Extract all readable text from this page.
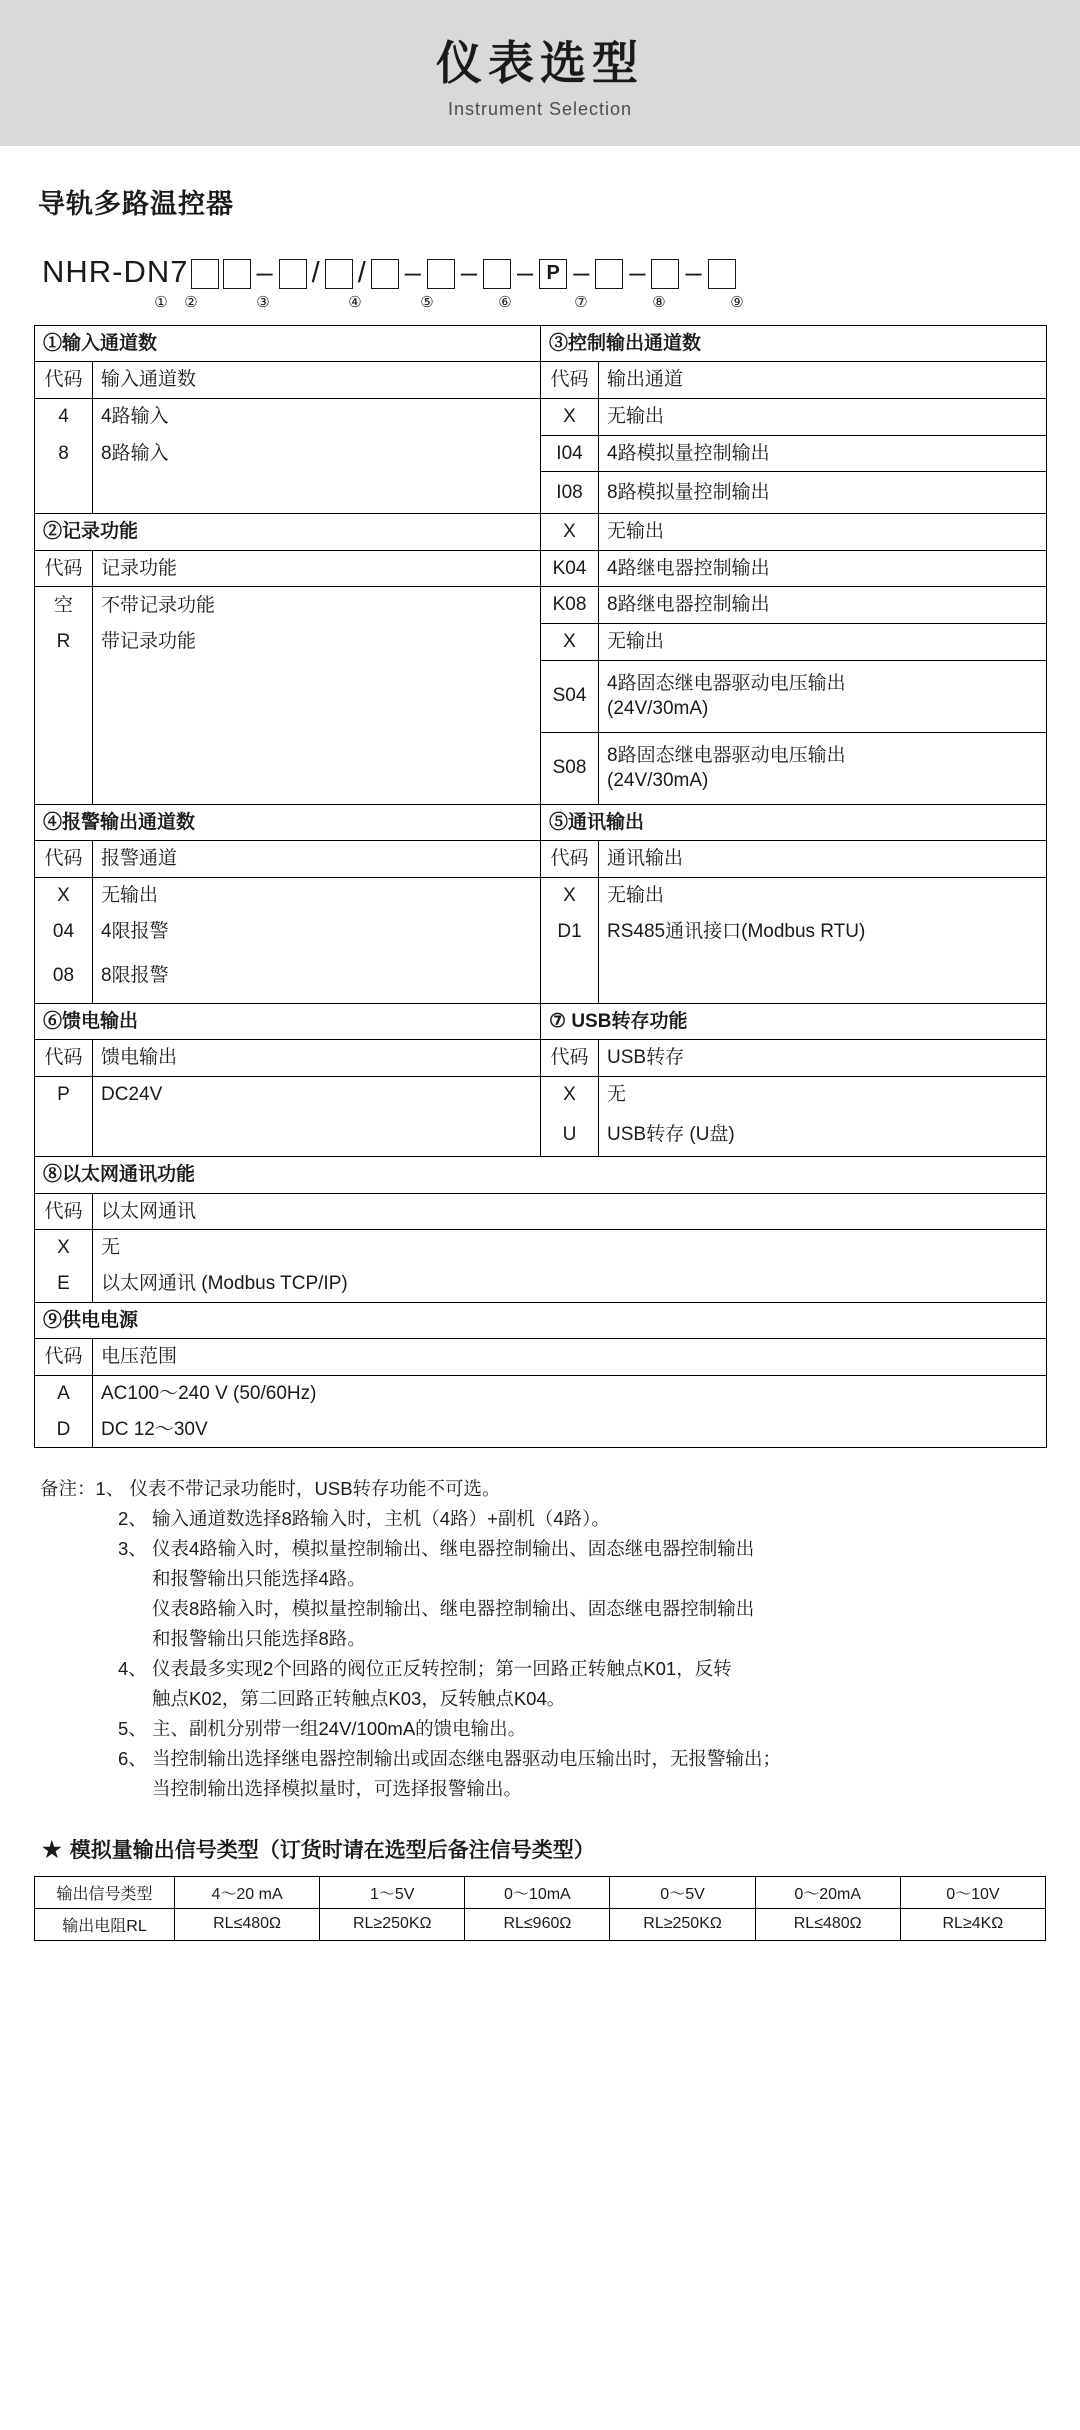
仪表选型
Instrument Selection
导轨多路温控器
NHR-DN7 – / / – – – P – – –
①	②	③	④	⑤	⑥	⑦	⑧	⑨
①输入通道数		③控制输出通道数	
代码	输入通道数	代码	输出通道
4	4路输入	X	无输出
8	8路输入	I04	4路模拟量控制输出
		I08	8路模拟量控制输出
②记录功能		X	无输出
代码	记录功能	K04	4路继电器控制输出
空	不带记录功能	K08	8路继电器控制输出
R	带记录功能	X	无输出
		S04	4路固态继电器驱动电压输出
(24V/30mA)

		S08	8路固态继电器驱动电压输出
(24V/30mA)
④报警输出通道数		⑤通讯输出	
代码	报警通道	代码	通讯输出
X	无输出	X	无输出
04	4限报警	D1	RS485通讯接口(Modbus RTU)
08	8限报警		
⑥馈电输出		⑦ USB转存功能	
代码	馈电输出	代码	USB转存
P	DC24V	X	无
		U	USB转存 (U盘)
⑧以太网通讯功能	
代码	以太网通讯
X	无
E	以太网通讯 (Modbus TCP/IP)
⑨供电电源	
代码	电压范围
A	AC100～240 V (50/60Hz)
D	DC 12～30V
备注： 1、 仪表不带记录功能时，USB转存功能不可选。
2、 输入通道数选择8路输入时，主机（4路）+副机（4路）。
3、 仪表4路输入时，模拟量控制输出、继电器控制输出、固态继电器控制输出
和报警输出只能选择4路。
仪表8路输入时，模拟量控制输出、继电器控制输出、固态继电器控制输出
和报警输出只能选择8路。
4、 仪表最多实现2个回路的阀位正反转控制；第一回路正转触点K01，反转
触点K02，第二回路正转触点K03，反转触点K04。
5、 主、副机分别带一组24V/100mA的馈电输出。
6、 当控制输出选择继电器控制输出或固态继电器驱动电压输出时，无报警输出；
当控制输出选择模拟量时，可选择报警输出。
★ 模拟量输出信号类型（订货时请在选型后备注信号类型）
输出信号类型	4～20 mA	1～5V	0～10mA	0～5V	0～20mA	0～10V
输出电阻RL	RL≤480Ω	RL≥250KΩ	RL≤960Ω	RL≥250KΩ	RL≤480Ω	RL≥4KΩ
